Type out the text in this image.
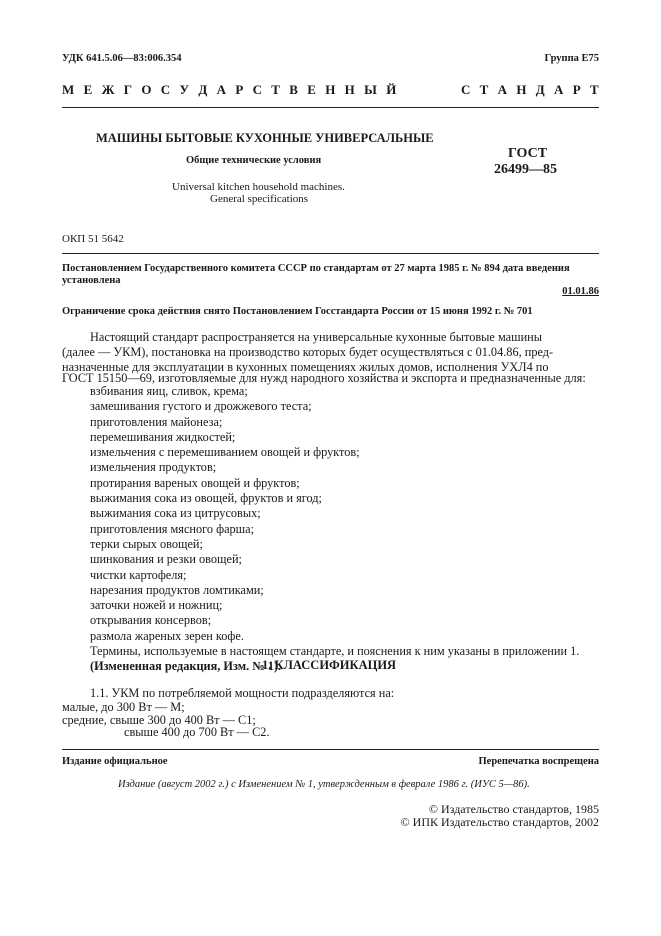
УДК 641.5.06—83:006.354	Группа Е75
М Е Ж Г О С У Д А Р С Т В Е Н Н Ы Й	С Т А Н Д А Р Т
МАШИНЫ БЫТОВЫЕ КУХОННЫЕ УНИВЕРСАЛЬНЫЕ
Общие технические условия
Universal kitchen household machines.
General specifications
ГОСТ
26499—85
ОКП 51 5642
Постановлением Государственного комитета СССР по стандартам от 27 марта 1985 г. № 894 дата введения
установлена
01.01.86
Ограничение срока действия снято Постановлением Госстандарта России от 15 июня 1992 г. № 701
Настоящий стандарт распространяется на универсальные кухонные бытовые машины
(далее — УКМ), постановка на производство которых будет осуществляться с 01.04.86, пред-
назначенные для эксплуатации в кухонных помещениях жилых домов, исполнения УХЛ4 по
ГОСТ 15150—69, изготовляемые для нужд народного хозяйства и экспорта и предназначенные для:
взбивания яиц, сливок, крема;
замешивания густого и дрожжевого теста;
приготовления майонеза;
перемешивания жидкостей;
измельчения с перемешиванием овощей и фруктов;
измельчения продуктов;
протирания вареных овощей и фруктов;
выжимания сока из овощей, фруктов и ягод;
выжимания сока из цитрусовых;
приготовления мясного фарша;
терки сырых овощей;
шинкования и резки овощей;
чистки картофеля;
нарезания продуктов ломтиками;
заточки ножей и ножниц;
открывания консервов;
размола жареных зерен кофе.
Термины, используемые в настоящем стандарте, и пояснения к ним указаны в приложении 1.
(Измененная редакция, Изм. № 1).
1. КЛАССИФИКАЦИЯ
1.1. УКМ по потребляемой мощности подразделяются на:
малые, до 300 Вт — М;
средние, свыше 300 до 400 Вт — С1;
свыше 400 до 700 Вт — С2.
Издание официальное	Перепечатка воспрещена
Издание (август 2002 г.) с Изменением № 1, утвержденным в феврале 1986 г. (ИУС 5—86).
© Издательство стандартов, 1985
© ИПК Издательство стандартов, 2002
